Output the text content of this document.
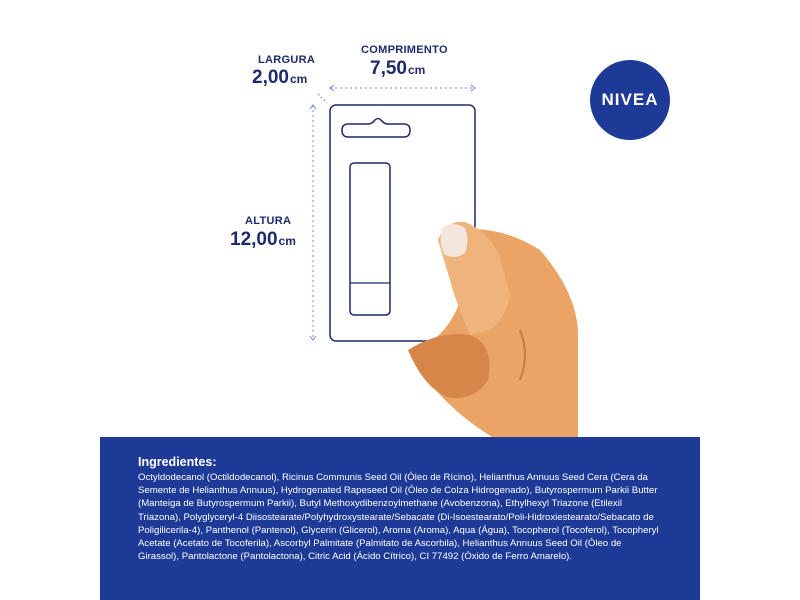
LARGURA
2,00cm
COMPRIMENTO
7,50cm
ALTURA
12,00cm
NIVEA
Ingredientes:
Octyldodecanol (Octildodecanol), Ricinus Communis Seed Oil (Óleo de Rícino), Helianthus Annuus Seed Cera (Cera da Semente de Helianthus Annuus), Hydrogenated Rapeseed Oil (Óleo de Colza Hidrogenado), Butyrospermum Parkii Butter (Manteiga de Butyrospermum Parkii), Butyl Methoxydibenzoylmethane (Avobenzona), Ethylhexyl Triazone (Etilexil Triazona), Polyglyceryl-4 Diisostearate/Polyhydroxystearate/Sebacate (Di-Isoestearato/Poli-Hidroxiestearato/Sebacato de Poligilicerila-4), Panthenol (Pantenol), Glycerin (Glicerol), Aroma (Aroma), Aqua (Água), Tocopherol (Tocoferol), Tocopheryl Acetate (Acetato de Tocoferila), Ascorbyl Palmitate (Palmitato de Ascorbila), Helianthus Annuus Seed Oil (Óleo de Girassol), Pantolactone (Pantolactona), Citric Acid (Ácido Cítrico), CI 77492 (Óxido de Ferro Amarelo).
